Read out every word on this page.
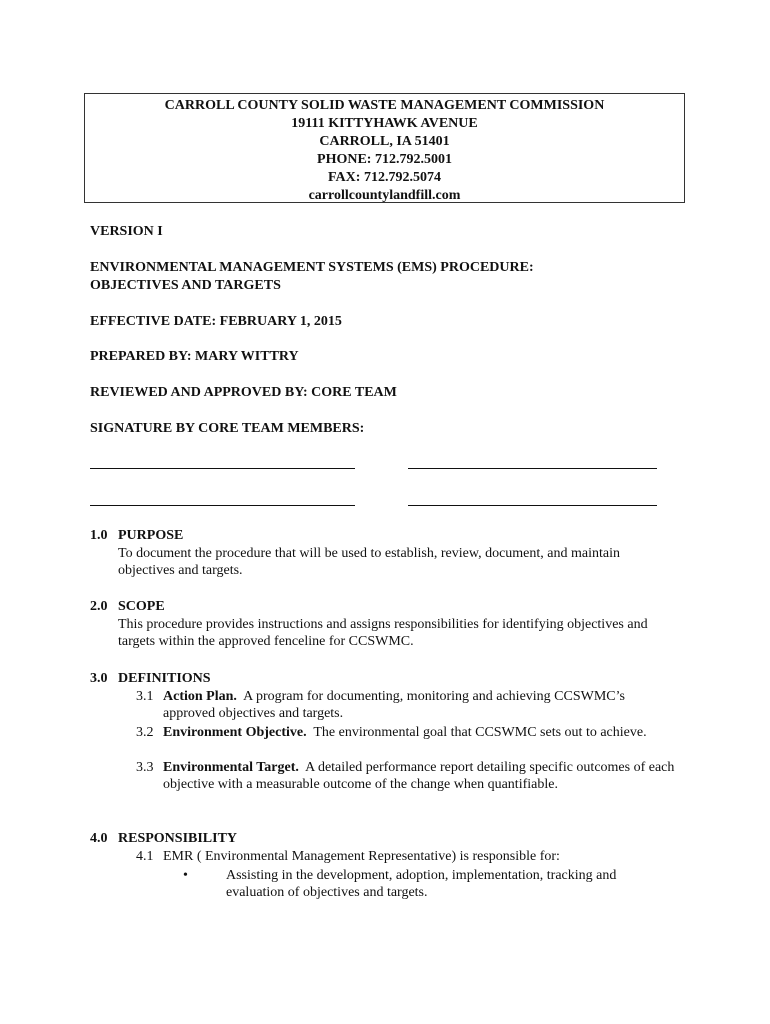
CARROLL COUNTY SOLID WASTE MANAGEMENT COMMISSION
19111 KITTYHAWK AVENUE
CARROLL, IA 51401
PHONE: 712.792.5001
FAX: 712.792.5074
carrollcountylandfill.com
VERSION I
ENVIRONMENTAL MANAGEMENT SYSTEMS (EMS) PROCEDURE:
OBJECTIVES AND TARGETS
EFFECTIVE DATE: FEBRUARY 1, 2015
PREPARED BY: MARY WITTRY
REVIEWED AND APPROVED BY: CORE TEAM
SIGNATURE BY CORE TEAM MEMBERS:
1.0 PURPOSE
To document the procedure that will be used to establish, review, document, and maintain objectives and targets.
2.0 SCOPE
This procedure provides instructions and assigns responsibilities for identifying objectives and targets within the approved fenceline for CCSWMC.
3.0 DEFINITIONS
3.1 Action Plan. A program for documenting, monitoring and achieving CCSWMC’s approved objectives and targets.
3.2 Environment Objective. The environmental goal that CCSWMC sets out to achieve.
3.3 Environmental Target. A detailed performance report detailing specific outcomes of each objective with a measurable outcome of the change when quantifiable.
4.0 RESPONSIBILITY
4.1 EMR ( Environmental Management Representative) is responsible for:
•	Assisting in the development, adoption, implementation, tracking and evaluation of objectives and targets.
